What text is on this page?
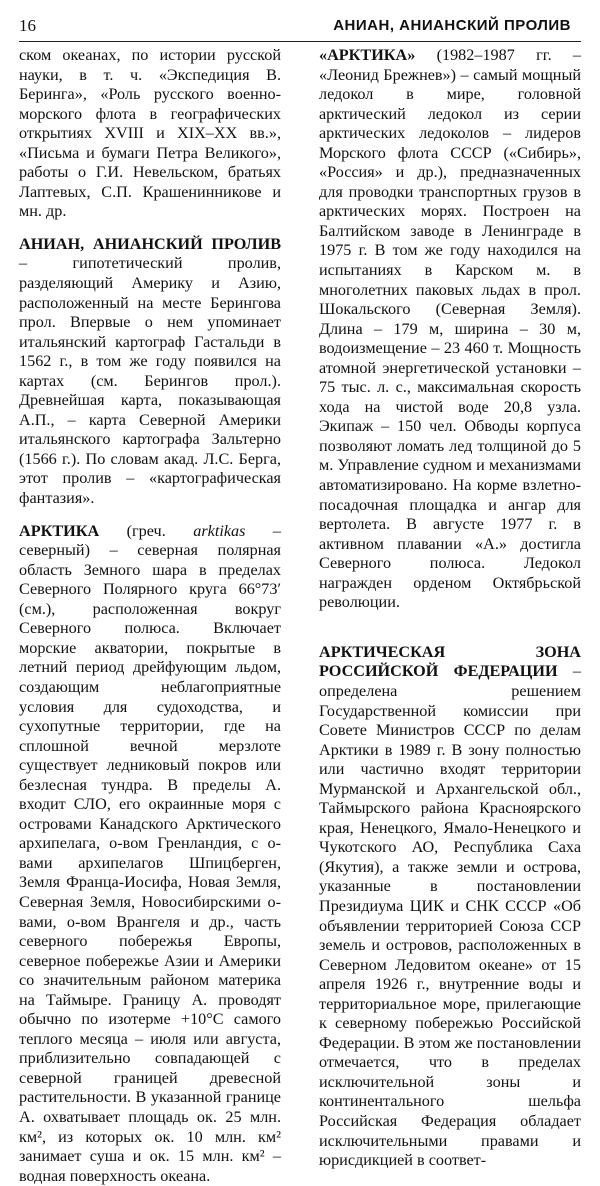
16	АНИАН, АНИАНСКИЙ ПРОЛИВ

ском океанах, по истории русской науки, в т. ч. «Экспедиция В. Беринга», «Роль русского военно-морского флота в географических открытиях XVIII и XIX–XX вв.», «Письма и бумаги Петра Великого», работы о Г.И. Невельском, братьях Лаптевых, С.П. Крашенинникове и мн. др.

АНИАН, АНИАНСКИЙ ПРОЛИВ – гипотетический пролив, разделяющий Америку и Азию, расположенный на месте Берингова прол. Впервые о нем упоминает итальянский картограф Гастальди в 1562 г., в том же году появился на картах (см. Берингов прол.). Древнейшая карта, показывающая А.П., – карта Северной Америки итальянского картографа Зальтерно (1566 г.). По словам акад. Л.С. Берга, этот пролив – «картографическая фантазия».

АРКТИКА (греч. arktikas – северный) – северная полярная область Земного шара в пределах Северного Полярного круга 66°73′ (см.), расположенная вокруг Северного полюса. Включает морские акватории, покрытые в летний период дрейфующим льдом, создающим неблагоприятные условия для судоходства, и сухопутные территории, где на сплошной вечной мерзлоте существует ледниковый покров или безлесная тундра. В пределы А. входит СЛО, его окраинные моря с островами Канадского Арктического архипелага, о-вом Гренландия, с о-вами архипелагов Шпицберген, Земля Франца-Иосифа, Новая Земля, Северная Земля, Новосибирскими о-вами, о-вом Врангеля и др., часть северного побережья Европы, северное побережье Азии и Америки со значительным районом материка на Таймыре. Границу А. проводят обычно по изотерме +10°С самого теплого месяца – июля или августа, приблизительно совпадающей с северной границей древесной растительности. В указанной границе А. охватывает площадь ок. 25 млн. км², из которых ок. 10 млн. км² занимает суша и ок. 15 млн. км² – водная поверхность океана.

«АРКТИКА» (1982–1987 гг. – «Леонид Брежнев») – самый мощный ледокол в мире, головной арктический ледокол из серии арктических ледоколов – лидеров Морского флота СССР («Сибирь», «Россия» и др.), предназначенных для проводки транспортных грузов в арктических морях. Построен на Балтийском заводе в Ленинграде в 1975 г. В том же году находился на испытаниях в Карском м. в многолетних паковых льдах в прол. Шокальского (Северная Земля). Длина – 179 м, ширина – 30 м, водоизмещение – 23 460 т. Мощность атомной энергетической установки – 75 тыс. л. с., максимальная скорость хода на чистой воде 20,8 узла. Экипаж – 150 чел. Обводы корпуса позволяют ломать лед толщиной до 5 м. Управление судном и механизмами автоматизировано. На корме взлетно-посадочная площадка и ангар для вертолета. В августе 1977 г. в активном плавании «А.» достигла Северного полюса. Ледокол награжден орденом Октябрьской революции.

АРКТИЧЕСКАЯ ЗОНА РОССИЙСКОЙ ФЕДЕРАЦИИ – определена решением Государственной комиссии при Совете Министров СССР по делам Арктики в 1989 г. В зону полностью или частично входят территории Мурманской и Архангельской обл., Таймырского района Красноярского края, Ненецкого, Ямало-Ненецкого и Чукотского АО, Республика Саха (Якутия), а также земли и острова, указанные в постановлении Президиума ЦИК и СНК СССР «Об объявлении территорией Союза ССР земель и островов, расположенных в Северном Ледовитом океане» от 15 апреля 1926 г., внутренние воды и территориальное море, прилегающие к северному побережью Российской Федерации. В этом же постановлении отмечается, что в пределах исключительной зоны и континентального шельфа Российская Федерация обладает исключительными правами и юрисдикцией в соответ-
